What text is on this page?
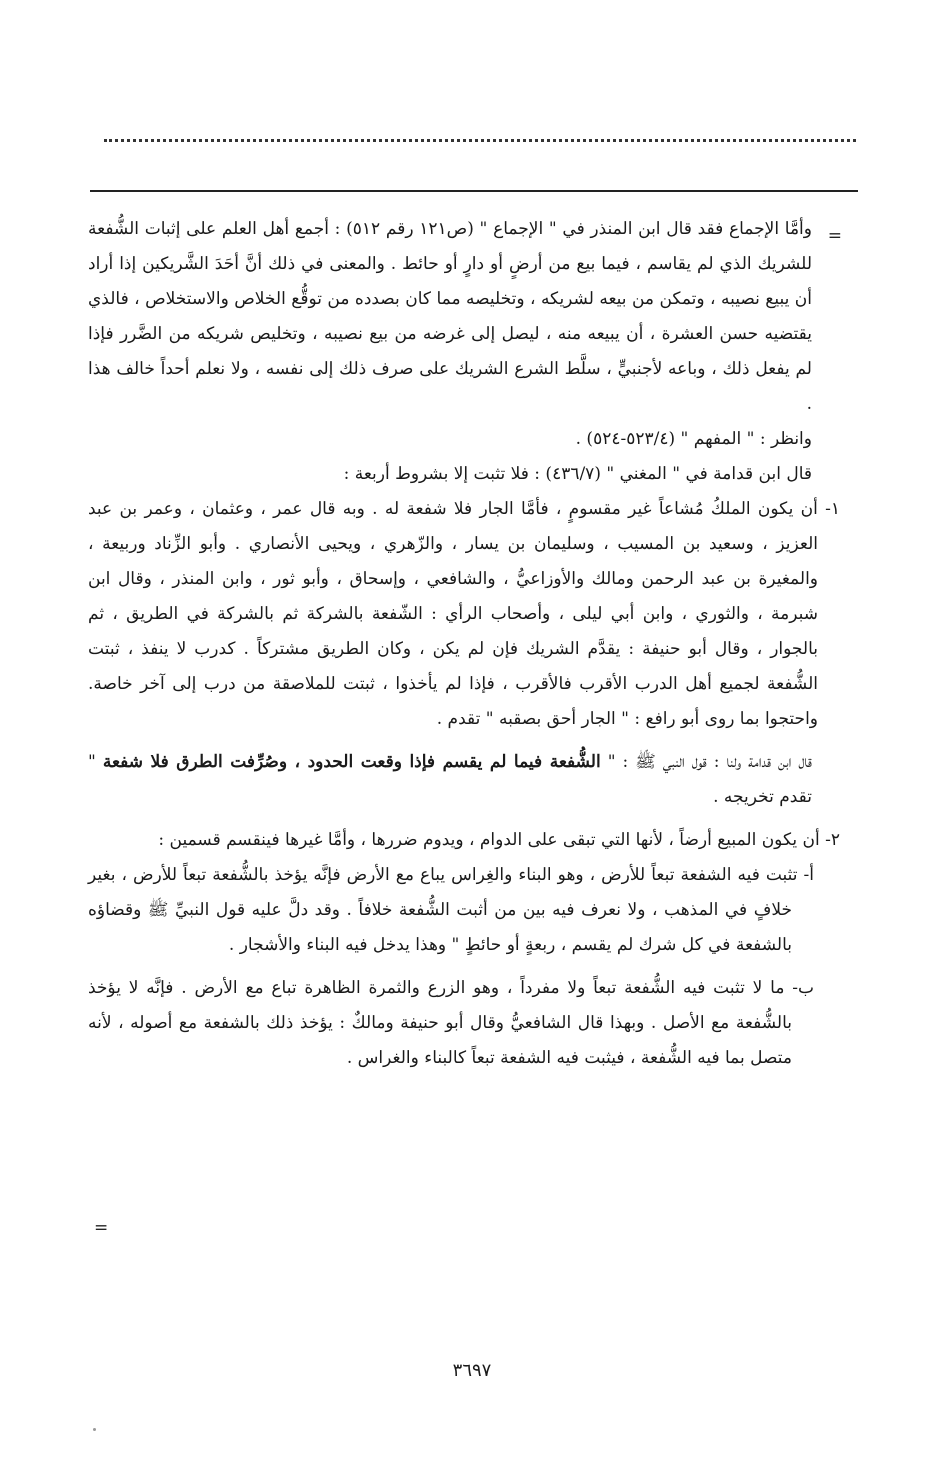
=

وأمَّا الإجماع فقد قال ابن المنذر في " الإجماع " (ص١٢١ رقم ٥١٢) : أجمع أهل العلم على إثبات الشُّفعة للشريك الذي لم يقاسم ، فيما بيع من أرضٍ أو دارٍ أو حائط . والمعنى في ذلك أنَّ أحَدَ الشَّريكين إذا أراد أن يبيع نصيبه ، وتمكن من بيعه لشريكه ، وتخليصه مما كان بصدده من توقُّع الخلاص والاستخلاص ، فالذي يقتضيه حسن العشرة ، أن يبيعه منه ، ليصل إلى غرضه من بيع نصيبه ، وتخليص شريكه من الضَّرر فإذا لم يفعل ذلك ، وباعه لأجنبيٍّ ، سلَّط الشرع الشريك على صرف ذلك إلى نفسه ، ولا نعلم أحداً خالف هذا .

وانظر : " المفهم " (٥٢٣/٤-٥٢٤) .

قال ابن قدامة في " المغني " (٤٣٦/٧) : فلا تثبت إلا بشروط أربعة :

١- أن يكون الملكُ مُشاعاً غير مقسومٍ ، فأمَّا الجار فلا شفعة له . وبه قال عمر ، وعثمان ، وعمر بن عبد العزيز ، وسعيد بن المسيب ، وسليمان بن يسار ، والزّهري ، ويحيى الأنصاري . وأبو الزِّناد وربيعة ، والمغيرة بن عبد الرحمن ومالك والأوزاعيُّ ، والشافعي ، وإسحاق ، وأبو ثور ، وابن المنذر ، وقال ابن شبرمة ، والثوري ، وابن أبي ليلى ، وأصحاب الرأي : الشّفعة بالشركة ثم بالشركة في الطريق ، ثم بالجوار ، وقال أبو حنيفة : يقدَّم الشريك فإن لم يكن ، وكان الطريق مشتركاً . كدرب لا ينفذ ، ثبتت الشُّفعة لجميع أهل الدرب الأقرب فالأقرب ، فإذا لم يأخذوا ، ثبتت للملاصقة من درب إلى آخر خاصة. واحتجوا بما روى أبو رافع : " الجار أحق بصقبه " تقدم .

قال ابن قدامة ولنا : قول النبي ﷺ : " الشُّفعة فيما لم يقسم فإذا وقعت الحدود ، وصُرِّفت الطرق فلا شفعة " تقدم تخريجه .

٢- أن يكون المبيع أرضاً ، لأنها التي تبقى على الدوام ، ويدوم ضررها ، وأمَّا غيرها فينقسم قسمين :

أ- تثبت فيه الشفعة تبعاً للأرض ، وهو البناء والغِراس يباع مع الأرض فإنَّه يؤخذ بالشُّفعة تبعاً للأرض ، بغير خلافٍ في المذهب ، ولا نعرف فيه بين من أثبت الشُّفعة خلافاً . وقد دلَّ عليه قول النبيِّ ﷺ وقضاؤه بالشفعة في كل شرك لم يقسم ، ربعةٍ أو حائطٍ " وهذا يدخل فيه البناء والأشجار .

ب- ما لا تثبت فيه الشُّفعة تبعاً ولا مفرداً ، وهو الزرع والثمرة الظاهرة تباع مع الأرض . فإنَّه لا يؤخذ بالشُّفعة مع الأصل . وبهذا قال الشافعيُّ وقال أبو حنيفة ومالكٌ : يؤخذ ذلك بالشفعة مع أصوله ، لأنه متصل بما فيه الشُّفعة ، فيثبت فيه الشفعة تبعاً كالبناء والغراس .

=
٣٦٩٧
